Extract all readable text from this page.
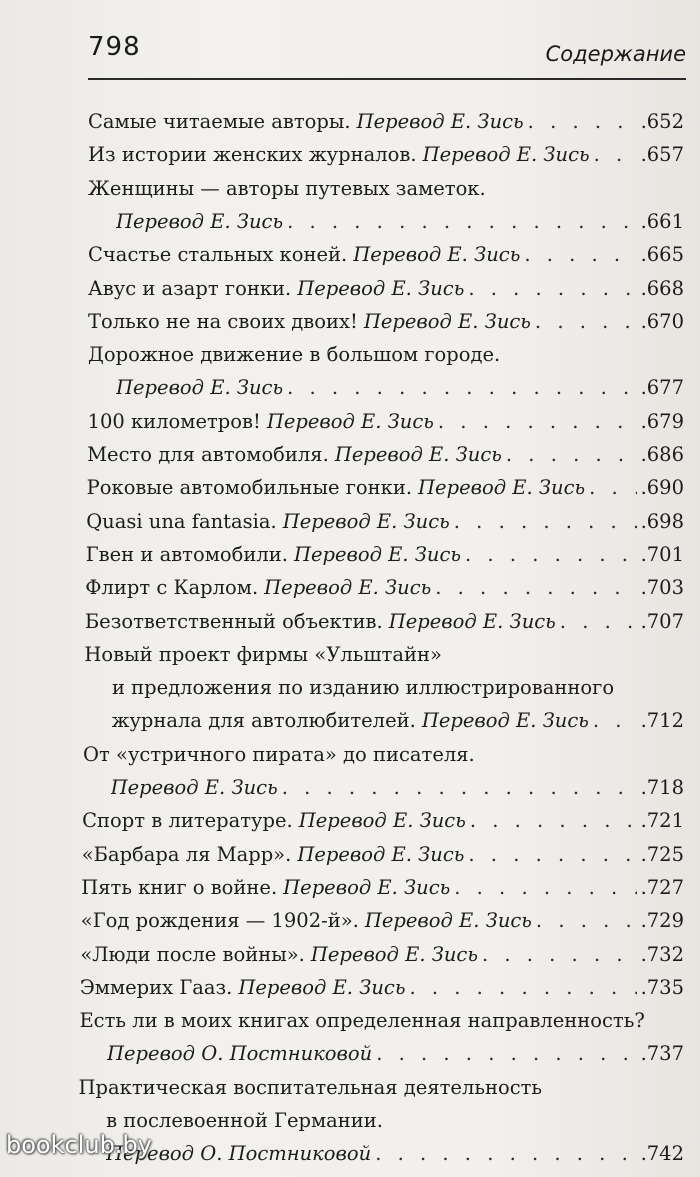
798	Содержание
Самые читаемые авторы. Перевод Е. Зись . . .	.652
Из истории женских журналов. Перевод Е. Зись . . .	.657
Женщины — авторы путевых заметок.
Перевод Е. Зись . . .	.661
Счастье стальных коней. Перевод Е. Зись . . .	.665
Авус и азарт гонки. Перевод Е. Зись . . .	.668
Только не на своих двоих! Перевод Е. Зись . . .	.670
Дорожное движение в большом городе.
Перевод Е. Зись . . .	.677
100 километров! Перевод Е. Зись . . .	.679
Место для автомобиля. Перевод Е. Зись . . .	.686
Роковые автомобильные гонки. Перевод Е. Зись . . .	.690
Quasi una fantasia. Перевод Е. Зись . . .	.698
Гвен и автомобили. Перевод Е. Зись . . .	.701
Флирт с Карлом. Перевод Е. Зись . . .	.703
Безответственный объектив. Перевод Е. Зись . . .	.707
Новый проект фирмы «Ульштайн»
и предложения по изданию иллюстрированного
журнала для автолюбителей. Перевод Е. Зись . . .	.712
От «устричного пирата» до писателя.
Перевод Е. Зись . . .	.718
Спорт в литературе. Перевод Е. Зись . . .	.721
«Барбара ля Марр». Перевод Е. Зись . . .	.725
Пять книг о войне. Перевод Е. Зись . . .	.727
«Год рождения — 1902-й». Перевод Е. Зись . . .	.729
«Люди после войны». Перевод Е. Зись . . .	.732
Эммерих Гааз. Перевод Е. Зись . . .	.735
Есть ли в моих книгах определенная направленность?
Перевод О. Постниковой . . .	.737
Практическая воспитательная деятельность
в послевоенной Германии.
Перевод О. Постниковой . . .	.742
bookclub.by
